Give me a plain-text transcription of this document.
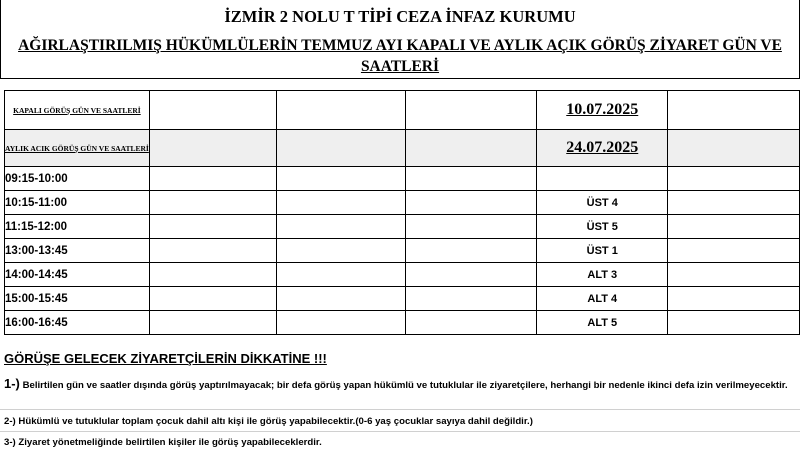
İZMİR 2 NOLU T TİPİ CEZA İNFAZ KURUMU
AĞIRLAŞTIRILMIŞ HÜKÜMLÜLERİN TEMMUZ AYI KAPALI VE AYLIK AÇIK GÖRÜŞ ZİYARET GÜN VE SAATLERİ
KAPALI GÖRÜŞ GÜN VE SAATLERİ				10.07.2025	
AYLIK ACIK GÖRÜŞ GÜN VE SAATLERİ				24.07.2025	
09:15-10:00					
10:15-11:00				ÜST 4	
11:15-12:00				ÜST 5	
13:00-13:45				ÜST 1	
14:00-14:45				ALT 3	
15:00-15:45				ALT 4	
16:00-16:45				ALT 5	
GÖRÜŞE GELECEK ZİYARETÇİLERİN DİKKATİNE !!!
1-) Belirtilen gün ve saatler dışında görüş yaptırılmayacak; bir defa görüş yapan hükümlü ve tutuklular ile ziyaretçilere, herhangi bir nedenle ikinci defa izin verilmeyecektir.
2-) Hükümlü ve tutuklular toplam çocuk dahil altı kişi ile görüş yapabilecektir.(0-6 yaş çocuklar sayıya dahil değildir.)
3-) Ziyaret yönetmeliğinde belirtilen kişiler ile görüş yapabileceklerdir.
